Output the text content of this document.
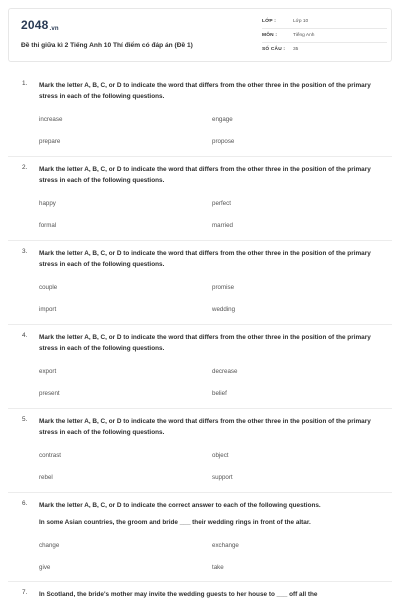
2048.vn
Đề thi giữa kì 2 Tiếng Anh 10 Thí điểm có đáp án (Đề 1)
LỚP :	Lớp 10
MÔN :	Tiếng Anh
SỐ CÂU : 35
1. Mark the letter A, B, C, or D to indicate the word that differs from the other three in the position of the primary stress in each of the following questions.
increase	engage
prepare	propose
2. Mark the letter A, B, C, or D to indicate the word that differs from the other three in the position of the primary stress in each of the following questions.
happy	perfect
formal	married
3. Mark the letter A, B, C, or D to indicate the word that differs from the other three in the position of the primary stress in each of the following questions.
couple	promise
import	wedding
4. Mark the letter A, B, C, or D to indicate the word that differs from the other three in the position of the primary stress in each of the following questions.
export	decrease
present	belief
5. Mark the letter A, B, C, or D to indicate the word that differs from the other three in the position of the primary stress in each of the following questions.
contrast	object
rebel	support
6. Mark the letter A, B, C, or D to indicate the correct answer to each of the following questions.
In some Asian countries, the groom and bride ___ their wedding rings in front of the altar.
change	exchange
give	take
7. In Scotland, the bride's mother may invite the wedding guests to her house to ___ off all the
